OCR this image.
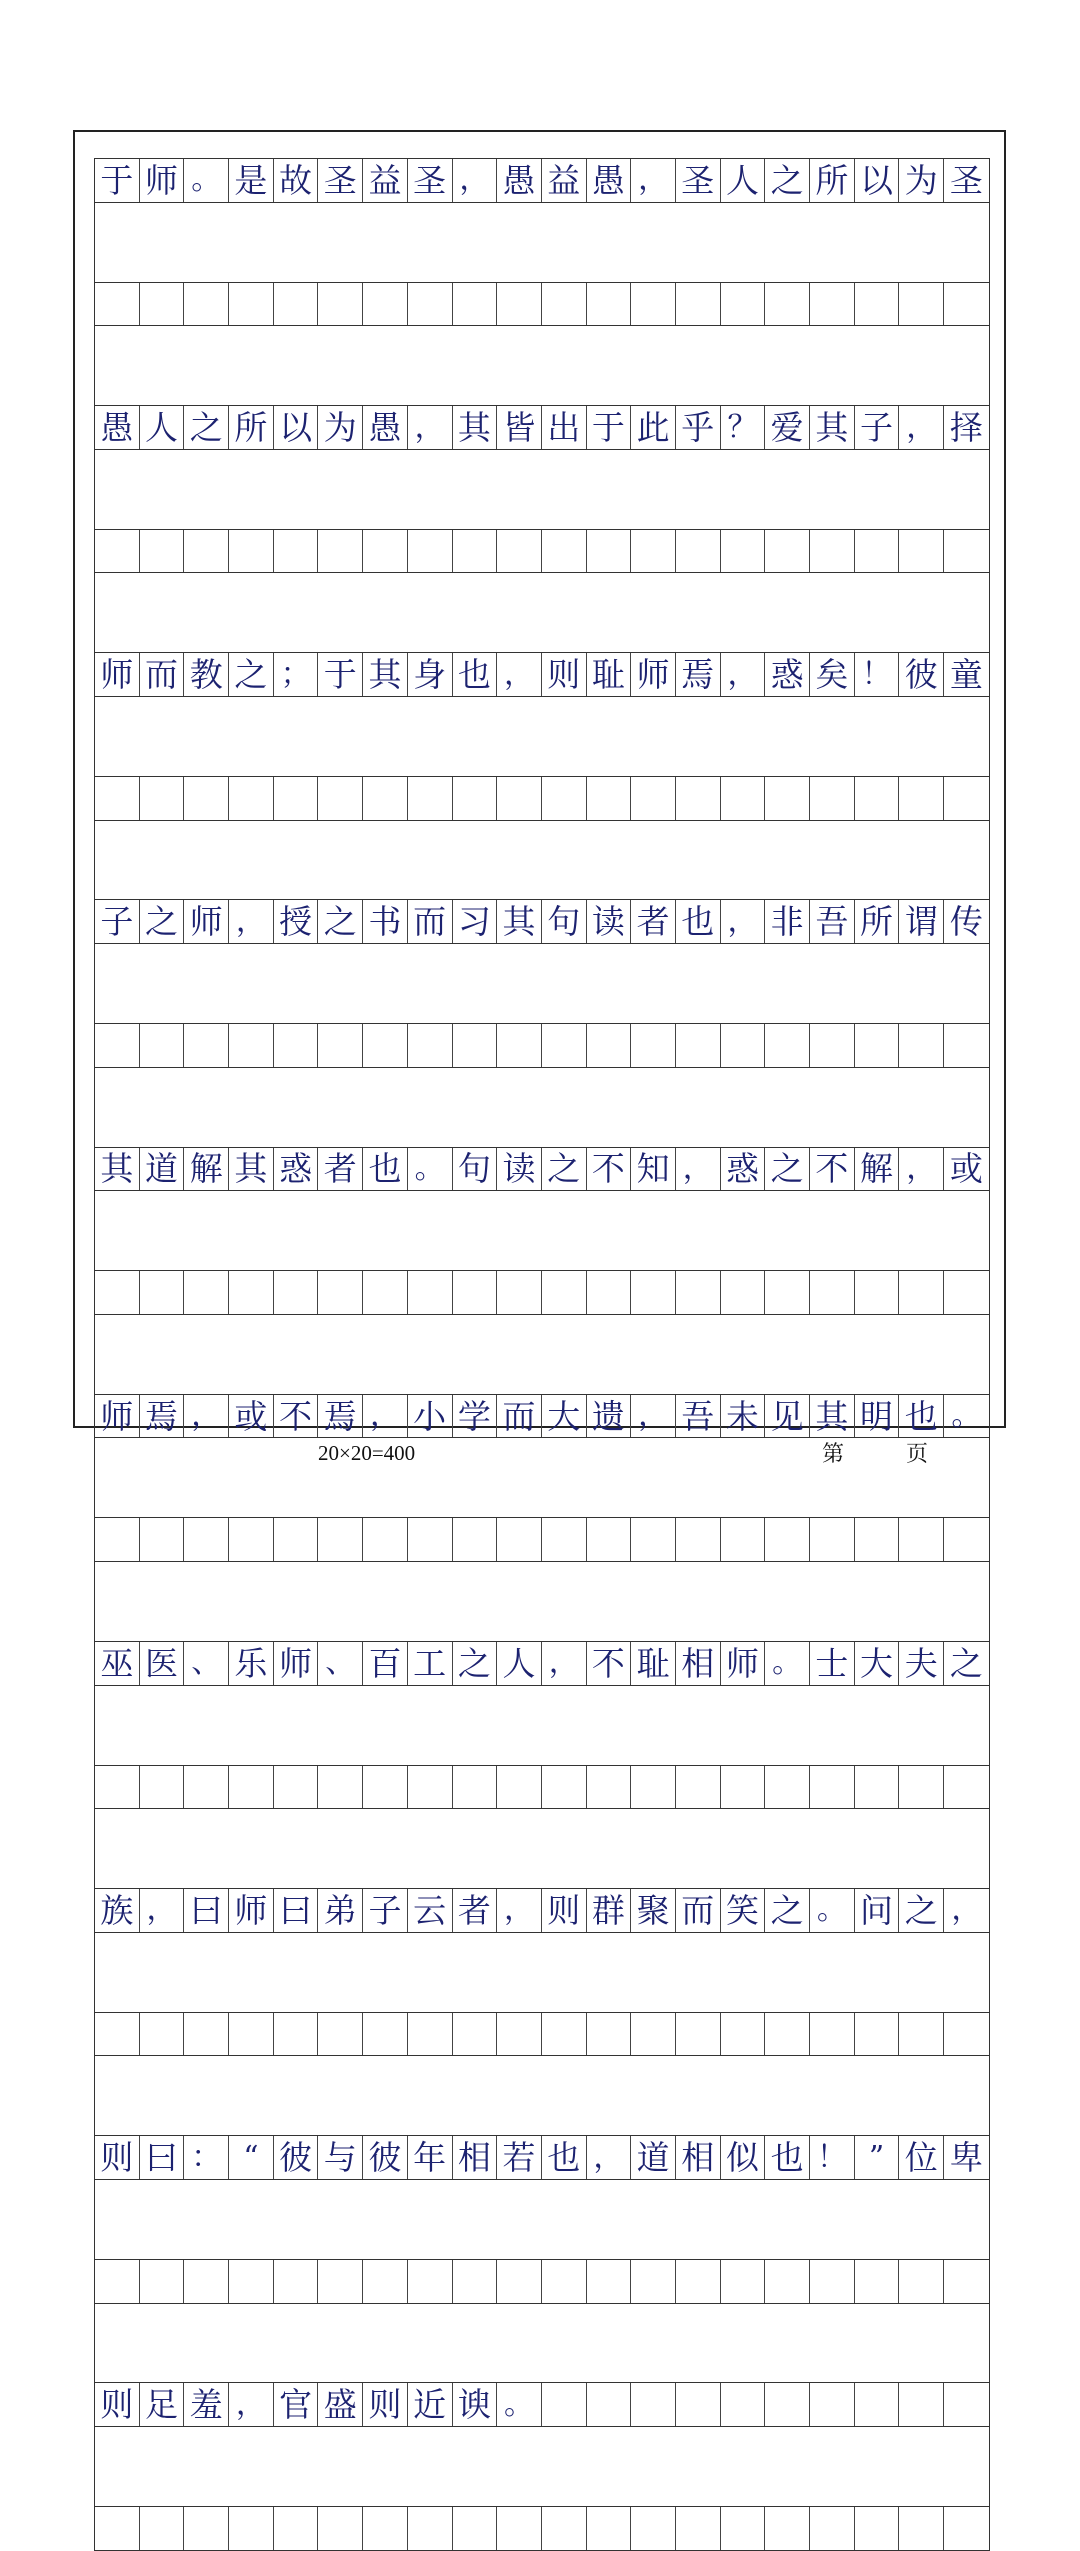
于 师 。 是 故 圣 益 圣 ， 愚 益 愚 ， 圣 人 之 所 以 为 圣
愚 人 之 所 以 为 愚 ， 其 皆 出 于 此 乎 ？ 爱 其 子 ， 择
师 而 教 之 ； 于 其 身 也 ， 则 耻 师 焉 ， 惑 矣 ！ 彼 童
子 之 师 ， 授 之 书 而 习 其 句 读 者 也 ， 非 吾 所 谓 传
其 道 解 其 惑 者 也 。 句 读 之 不 知 ， 惑 之 不 解 ， 或
师 焉 ， 或 不 焉 ， 小 学 而 大 遗 ， 吾 未 见 其 明 也 。
巫 医 、 乐 师 、 百 工 之 人 ， 不 耻 相 师 。 士 大 夫 之
族 ， 曰 师 曰 弟 子 云 者 ， 则 群 聚 而 笑 之 。 问 之 ，
则 曰 ： “ 彼 与 彼 年 相 若 也 ， 道 相 似 也 ！ ” 位 卑
则 足 羞 ， 官 盛 则 近 谀 。
20×20=400	第	页
